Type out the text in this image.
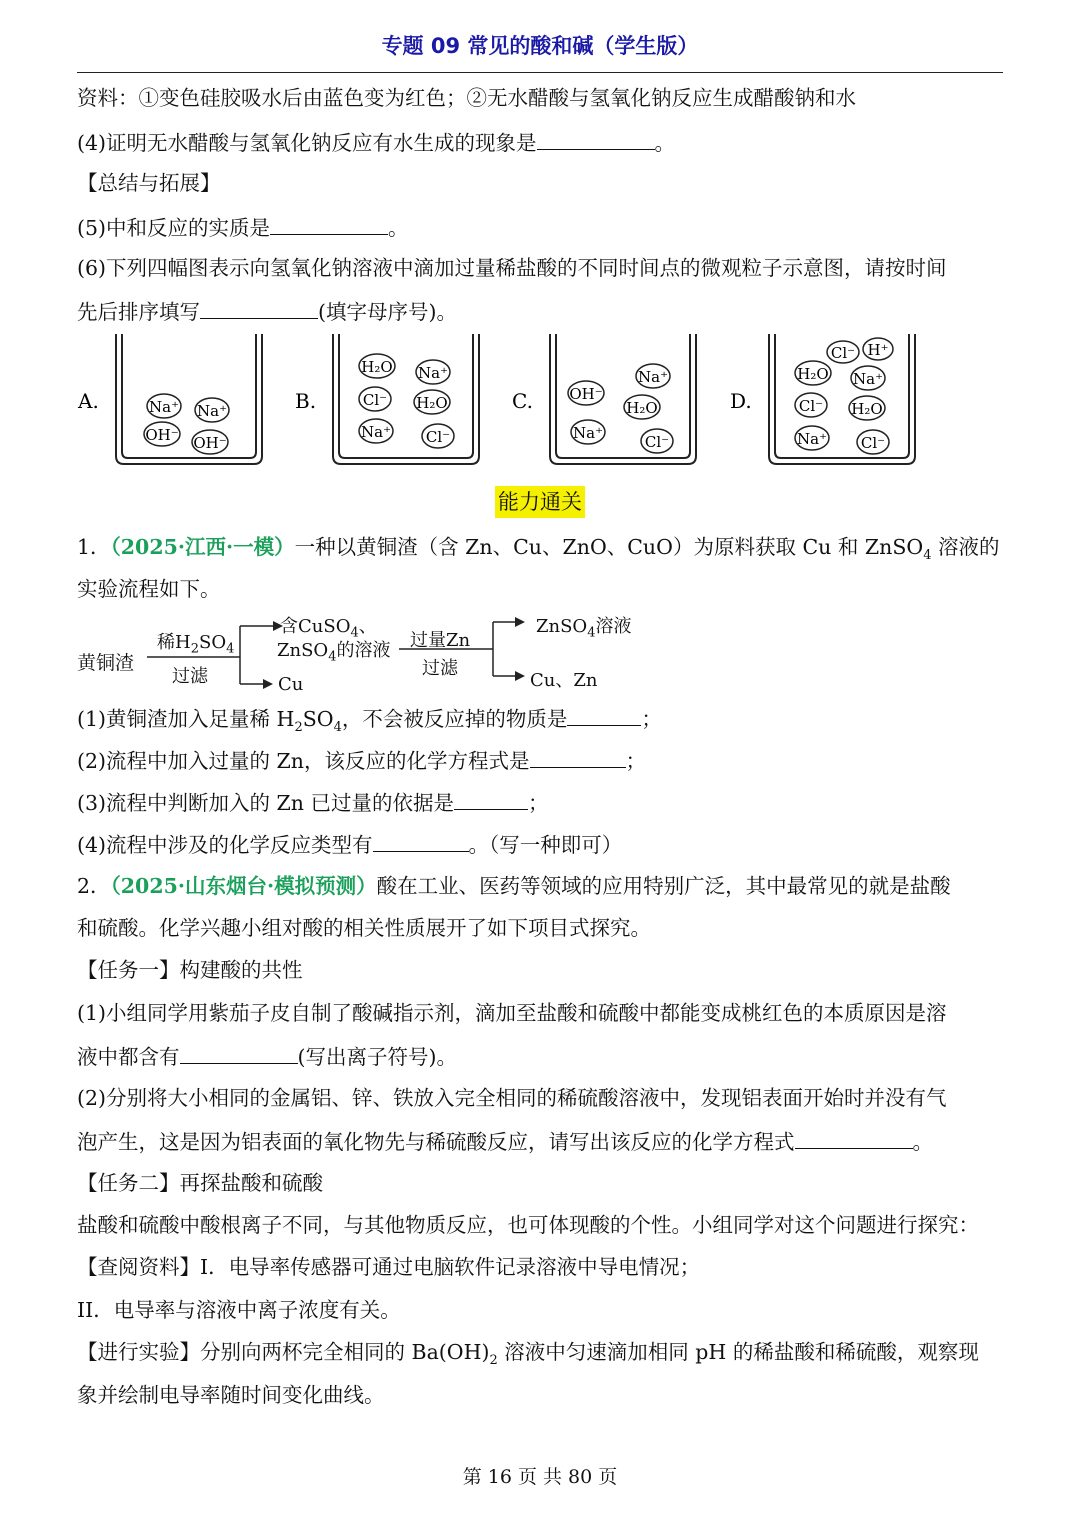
专题 09 常见的酸和碱（学生版）
资料：①变色硅胶吸水后由蓝色变为红色；②无水醋酸与氢氧化钠反应生成醋酸钠和水
(4)证明无水醋酸与氢氧化钠反应有水生成的现象是	。
【总结与拓展】
(5)中和反应的实质是	。
(6)下列四幅图表示向氢氧化钠溶液中滴加过量稀盐酸的不同时间点的微观粒子示意图，请按时间
先后排序填写	(填字母序号)。
A.	Na⁺ Na⁺
OH⁻ OH⁻
B.
H₂O Na⁺
Cl⁻ H₂O
Na⁺ Cl⁻
C. OH⁻
Na⁺
H₂O
Na⁺	Cl⁻
D.
Cl⁻ H⁺
H₂O Na⁺
Cl⁻ H₂O
Na⁺ Cl⁻
能力通关
1．（2025·江西·一模）一种以黄铜渣（含 Zn、Cu、ZnO、CuO）为原料获取 Cu 和 ZnSO$_4$ 溶液的
实验流程如下。
黄铜渣
稀$H_2SO_4$
过滤
含CuSO$_4$、
ZnSO$_4$的溶液
Cu
过量Zn
过滤
ZnSO$_4$溶液
Cu、Zn
(1)黄铜渣加入足量稀 $H_2SO_4$，不会被反应掉的物质是	；
(2)流程中加入过量的 Zn，该反应的化学方程式是	；
(3)流程中判断加入的 Zn 已过量的依据是	；
(4)流程中涉及的化学反应类型有	。（写一种即可）
2．（2025·山东烟台·模拟预测）酸在工业、医药等领域的应用特别广泛，其中最常见的就是盐酸
和硫酸。化学兴趣小组对酸的相关性质展开了如下项目式探究。
【任务一】构建酸的共性
(1)小组同学用紫茄子皮自制了酸碱指示剂，滴加至盐酸和硫酸中都能变成桃红色的本质原因是溶
液中都含有	(写出离子符号)。
(2)分别将大小相同的金属铝、锌、铁放入完全相同的稀硫酸溶液中，发现铝表面开始时并没有气
泡产生，这是因为铝表面的氧化物先与稀硫酸反应，请写出该反应的化学方程式	。
【任务二】再探盐酸和硫酸
盐酸和硫酸中酸根离子不同，与其他物质反应，也可体现酸的个性。小组同学对这个问题进行探究：
【查阅资料】I．电导率传感器可通过电脑软件记录溶液中导电情况；
II．电导率与溶液中离子浓度有关。
【进行实验】分别向两杯完全相同的 $Ba(OH)_2$ 溶液中匀速滴加相同 pH 的稀盐酸和稀硫酸，观察现
象并绘制电导率随时间变化曲线。
第 16 页 共 80 页
